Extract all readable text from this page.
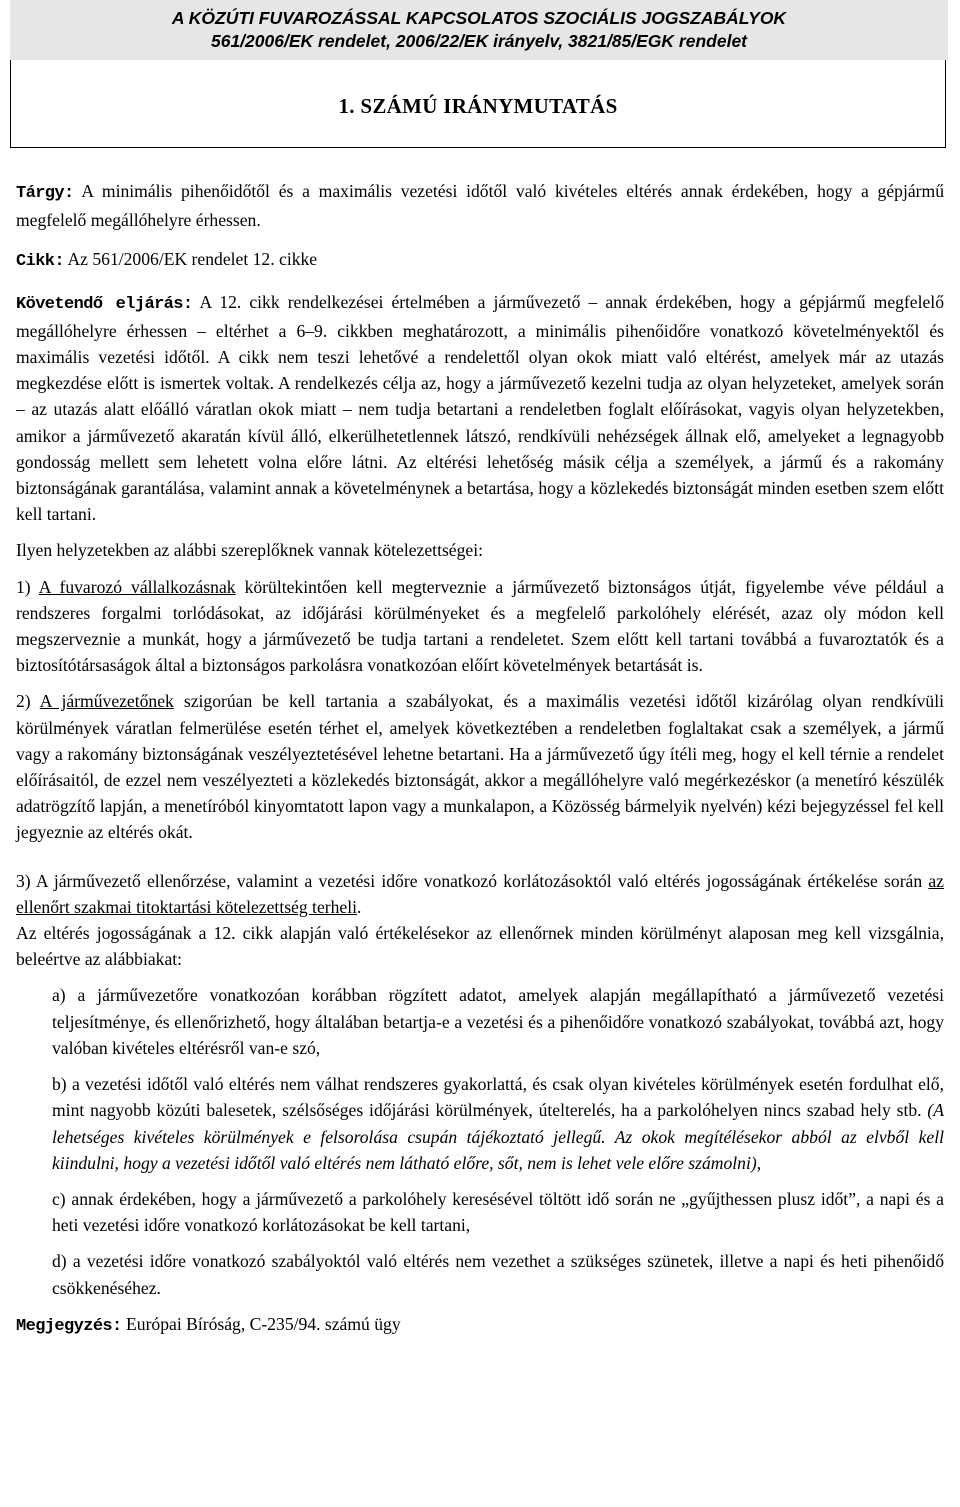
A KÖZÚTI FUVAROZÁSSAL KAPCSOLATOS SZOCIÁLIS JOGSZABÁLYOK
561/2006/EK rendelet, 2006/22/EK irányelv, 3821/85/EGK rendelet
1. SZÁMÚ IRÁNYMUTATÁS

Tárgy: A minimális pihenőidőtől és a maximális vezetési időtől való kivételes eltérés annak érdekében, hogy a gépjármű megfelelő megállóhelyre érhessen.

Cikk: Az 561/2006/EK rendelet 12. cikke

Követendő eljárás: A 12. cikk rendelkezései értelmében a járművezető – annak érdekében, hogy a gépjármű megfelelő megállóhelyre érhessen – eltérhet a 6–9. cikkben meghatározott, a minimális pihenőidőre vonatkozó követelményektől és maximális vezetési időtől. A cikk nem teszi lehetővé a rendelettől olyan okok miatt való eltérést, amelyek már az utazás megkezdése előtt is ismertek voltak. A rendelkezés célja az, hogy a járművezető kezelni tudja az olyan helyzeteket, amelyek során – az utazás alatt előálló váratlan okok miatt – nem tudja betartani a rendeletben foglalt előírásokat, vagyis olyan helyzetekben, amikor a járművezető akaratán kívül álló, elkerülhetetlennek látszó, rendkívüli nehézségek állnak elő, amelyeket a legnagyobb gondosság mellett sem lehetett volna előre látni. Az eltérési lehetőség másik célja a személyek, a jármű és a rakomány biztonságának garantálása, valamint annak a követelménynek a betartása, hogy a közlekedés biztonságát minden esetben szem előtt kell tartani.

Ilyen helyzetekben az alábbi szereplőknek vannak kötelezettségei:

1) A fuvarozó vállalkozásnak körültekintően kell megterveznie a járművezető biztonságos útját, figyelembe véve például a rendszeres forgalmi torlódásokat, az időjárási körülményeket és a megfelelő parkolóhely elérését, azaz oly módon kell megszerveznie a munkát, hogy a járművezető be tudja tartani a rendeletet. Szem előtt kell tartani továbbá a fuvaroztatók és a biztosítótársaságok által a biztonságos parkolásra vonatkozóan előírt követelmények betartását is.

2) A járművezetőnek szigorúan be kell tartania a szabályokat, és a maximális vezetési időtől kizárólag olyan rendkívüli körülmények váratlan felmerülése esetén térhet el, amelyek következtében a rendeletben foglaltakat csak a személyek, a jármű vagy a rakomány biztonságának veszélyeztetésével lehetne betartani. Ha a járművezető úgy ítéli meg, hogy el kell térnie a rendelet előírásaitól, de ezzel nem veszélyezteti a közlekedés biztonságát, akkor a megállóhelyre való megérkezéskor (a menetíró készülék adatrögzítő lapján, a menetíróból kinyomtatott lapon vagy a munkalapon, a Közösség bármelyik nyelvén) kézi bejegyzéssel fel kell jegyeznie az eltérés okát.

3) A járművezető ellenőrzése, valamint a vezetési időre vonatkozó korlátozásoktól való eltérés jogosságának értékelése során az ellenőrt szakmai titoktartási kötelezettség terheli.

Az eltérés jogosságának a 12. cikk alapján való értékelésekor az ellenőrnek minden körülményt alaposan meg kell vizsgálnia, beleértve az alábbiakat:

a) a járművezetőre vonatkozóan korábban rögzített adatot, amelyek alapján megállapítható a járművezető vezetési teljesítménye, és ellenőrizhető, hogy általában betartja-e a vezetési és a pihenőidőre vonatkozó szabályokat, továbbá azt, hogy valóban kivételes eltérésről van-e szó,

b) a vezetési időtől való eltérés nem válhat rendszeres gyakorlattá, és csak olyan kivételes körülmények esetén fordulhat elő, mint nagyobb közúti balesetek, szélsőséges időjárási körülmények, útelterelés, ha a parkolóhelyen nincs szabad hely stb. (A lehetséges kivételes körülmények e felsorolása csupán tájékoztató jellegű. Az okok megítélésekor abból az elvből kell kiindulni, hogy a vezetési időtől való eltérés nem látható előre, sőt, nem is lehet vele előre számolni),

c) annak érdekében, hogy a járművezető a parkolóhely keresésével töltött idő során ne „gyűjthessen plusz időt”, a napi és a heti vezetési időre vonatkozó korlátozásokat be kell tartani,

d) a vezetési időre vonatkozó szabályoktól való eltérés nem vezethet a szükséges szünetek, illetve a napi és heti pihenőidő csökkenéséhez.

Megjegyzés: Európai Bíróság, C-235/94. számú ügy
